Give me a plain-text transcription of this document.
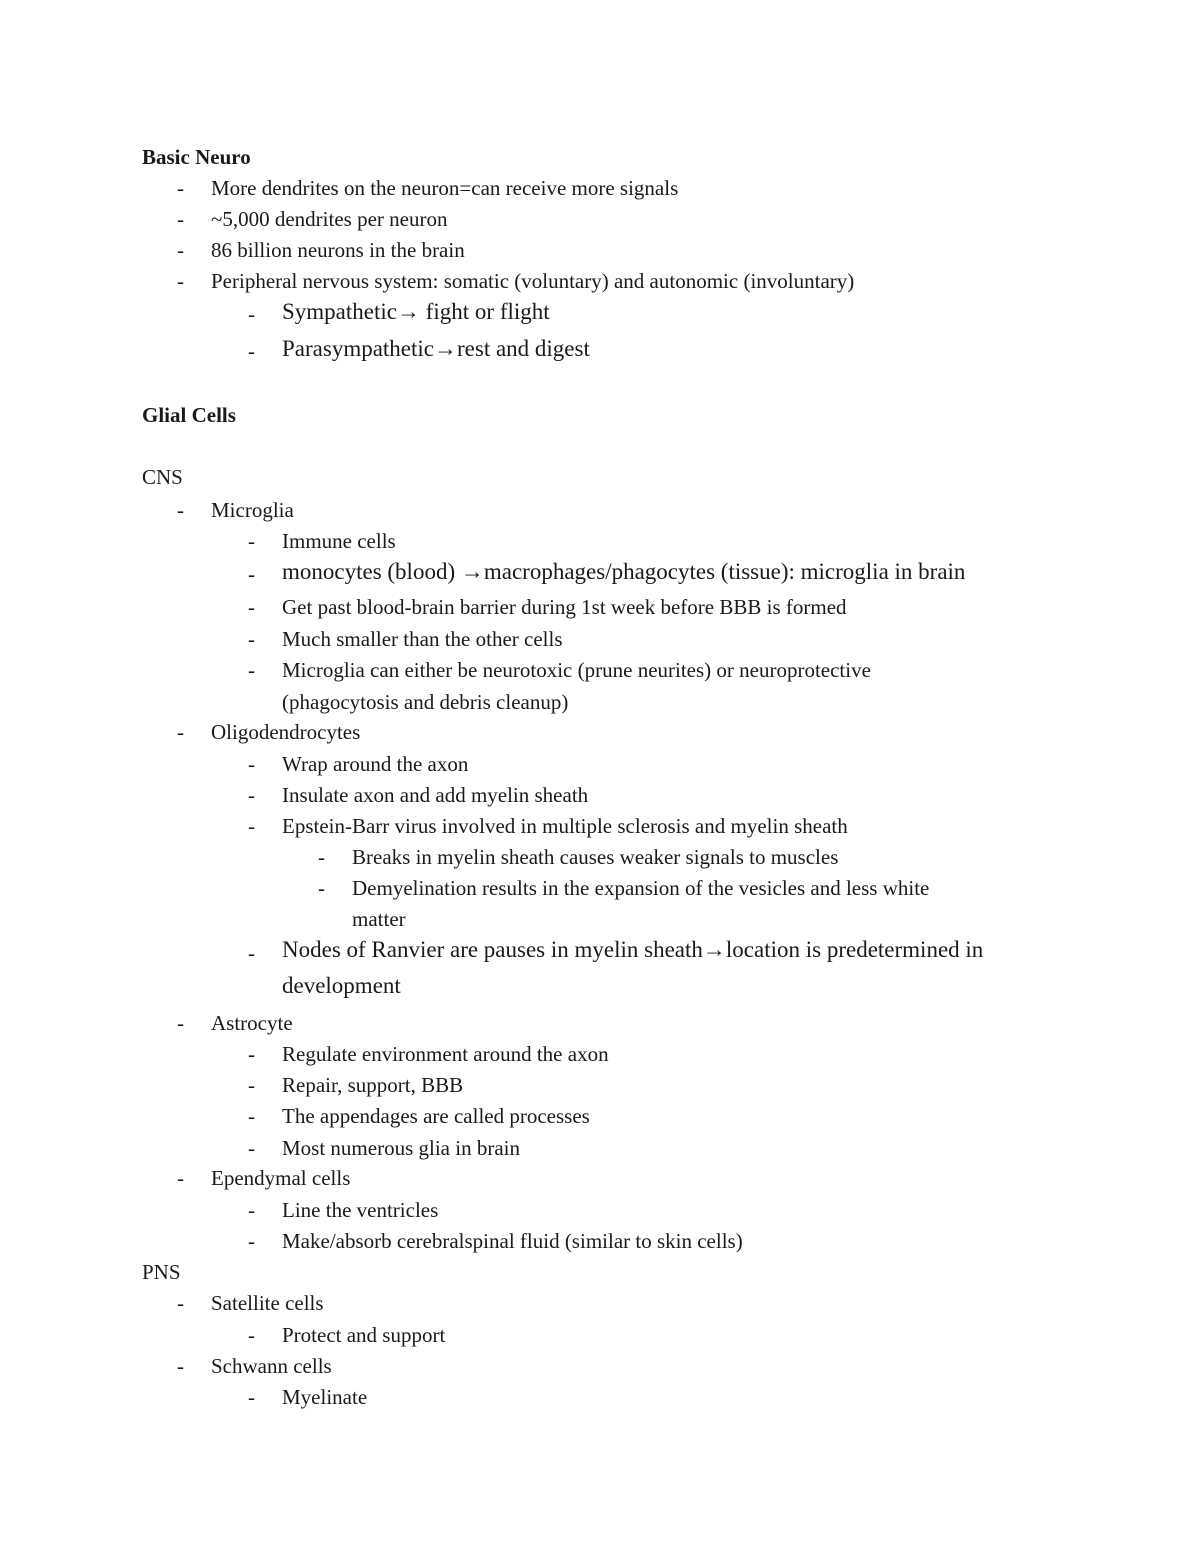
Basic Neuro
- More dendrites on the neuron=can receive more signals
- ~5,000 dendrites per neuron
- 86 billion neurons in the brain
- Peripheral nervous system: somatic (voluntary) and autonomic (involuntary)
- Sympathetic→ fight or flight
- Parasympathetic→rest and digest
Glial Cells
CNS
- Microglia
- Immune cells
- monocytes (blood) →macrophages/phagocytes (tissue): microglia in brain
- Get past blood-brain barrier during 1st week before BBB is formed
- Much smaller than the other cells
- Microglia can either be neurotoxic (prune neurites) or neuroprotective
(phagocytosis and debris cleanup)
- Oligodendrocytes
- Wrap around the axon
- Insulate axon and add myelin sheath
- Epstein-Barr virus involved in multiple sclerosis and myelin sheath
- Breaks in myelin sheath causes weaker signals to muscles
- Demyelination results in the expansion of the vesicles and less white
matter
- Nodes of Ranvier are pauses in myelin sheath→location is predetermined in
development
- Astrocyte
- Regulate environment around the axon
- Repair, support, BBB
- The appendages are called processes
- Most numerous glia in brain
- Ependymal cells
- Line the ventricles
- Make/absorb cerebralspinal fluid (similar to skin cells)
PNS
- Satellite cells
- Protect and support
- Schwann cells
- Myelinate
